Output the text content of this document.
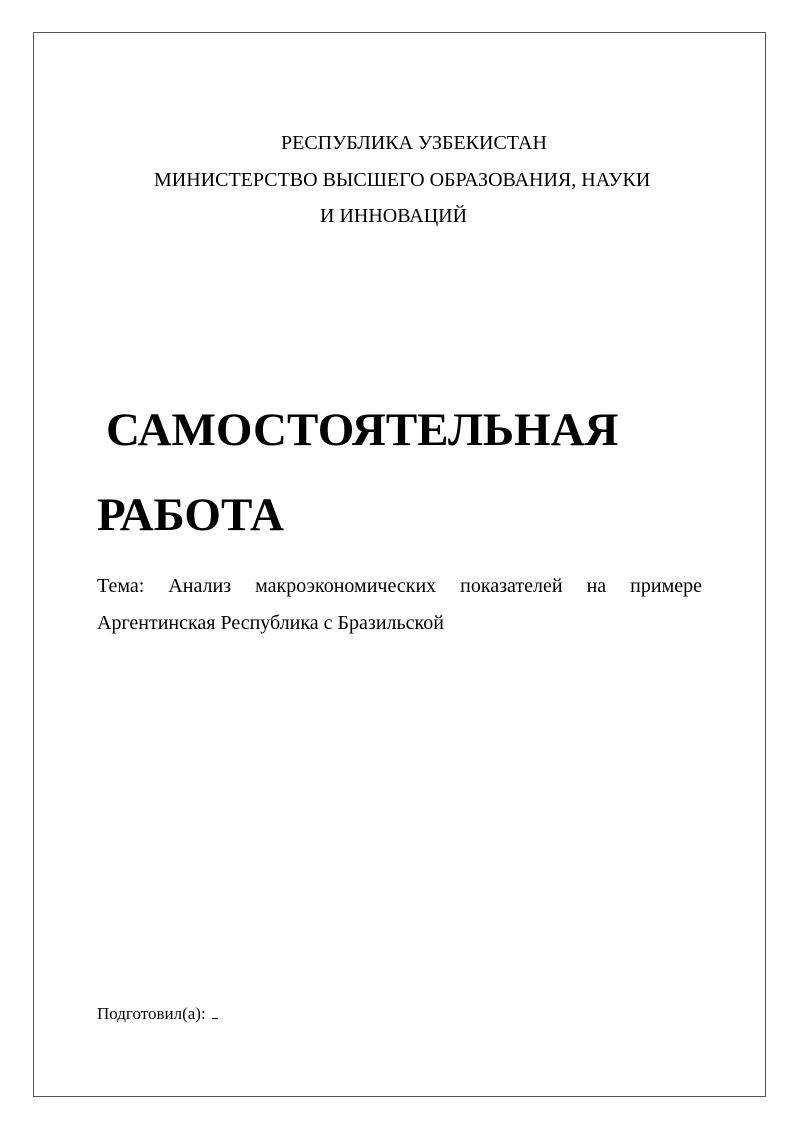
РЕСПУБЛИКА УЗБЕКИСТАН
МИНИСТЕРСТВО ВЫСШЕГО ОБРАЗОВАНИЯ, НАУКИ
И ИННОВАЦИЙ
САМОСТОЯТЕЛЬНАЯ
РАБОТА
Тема: Анализ макроэкономических показателей на примере Аргентинская Республика с Бразильской
Подготовил(а):
